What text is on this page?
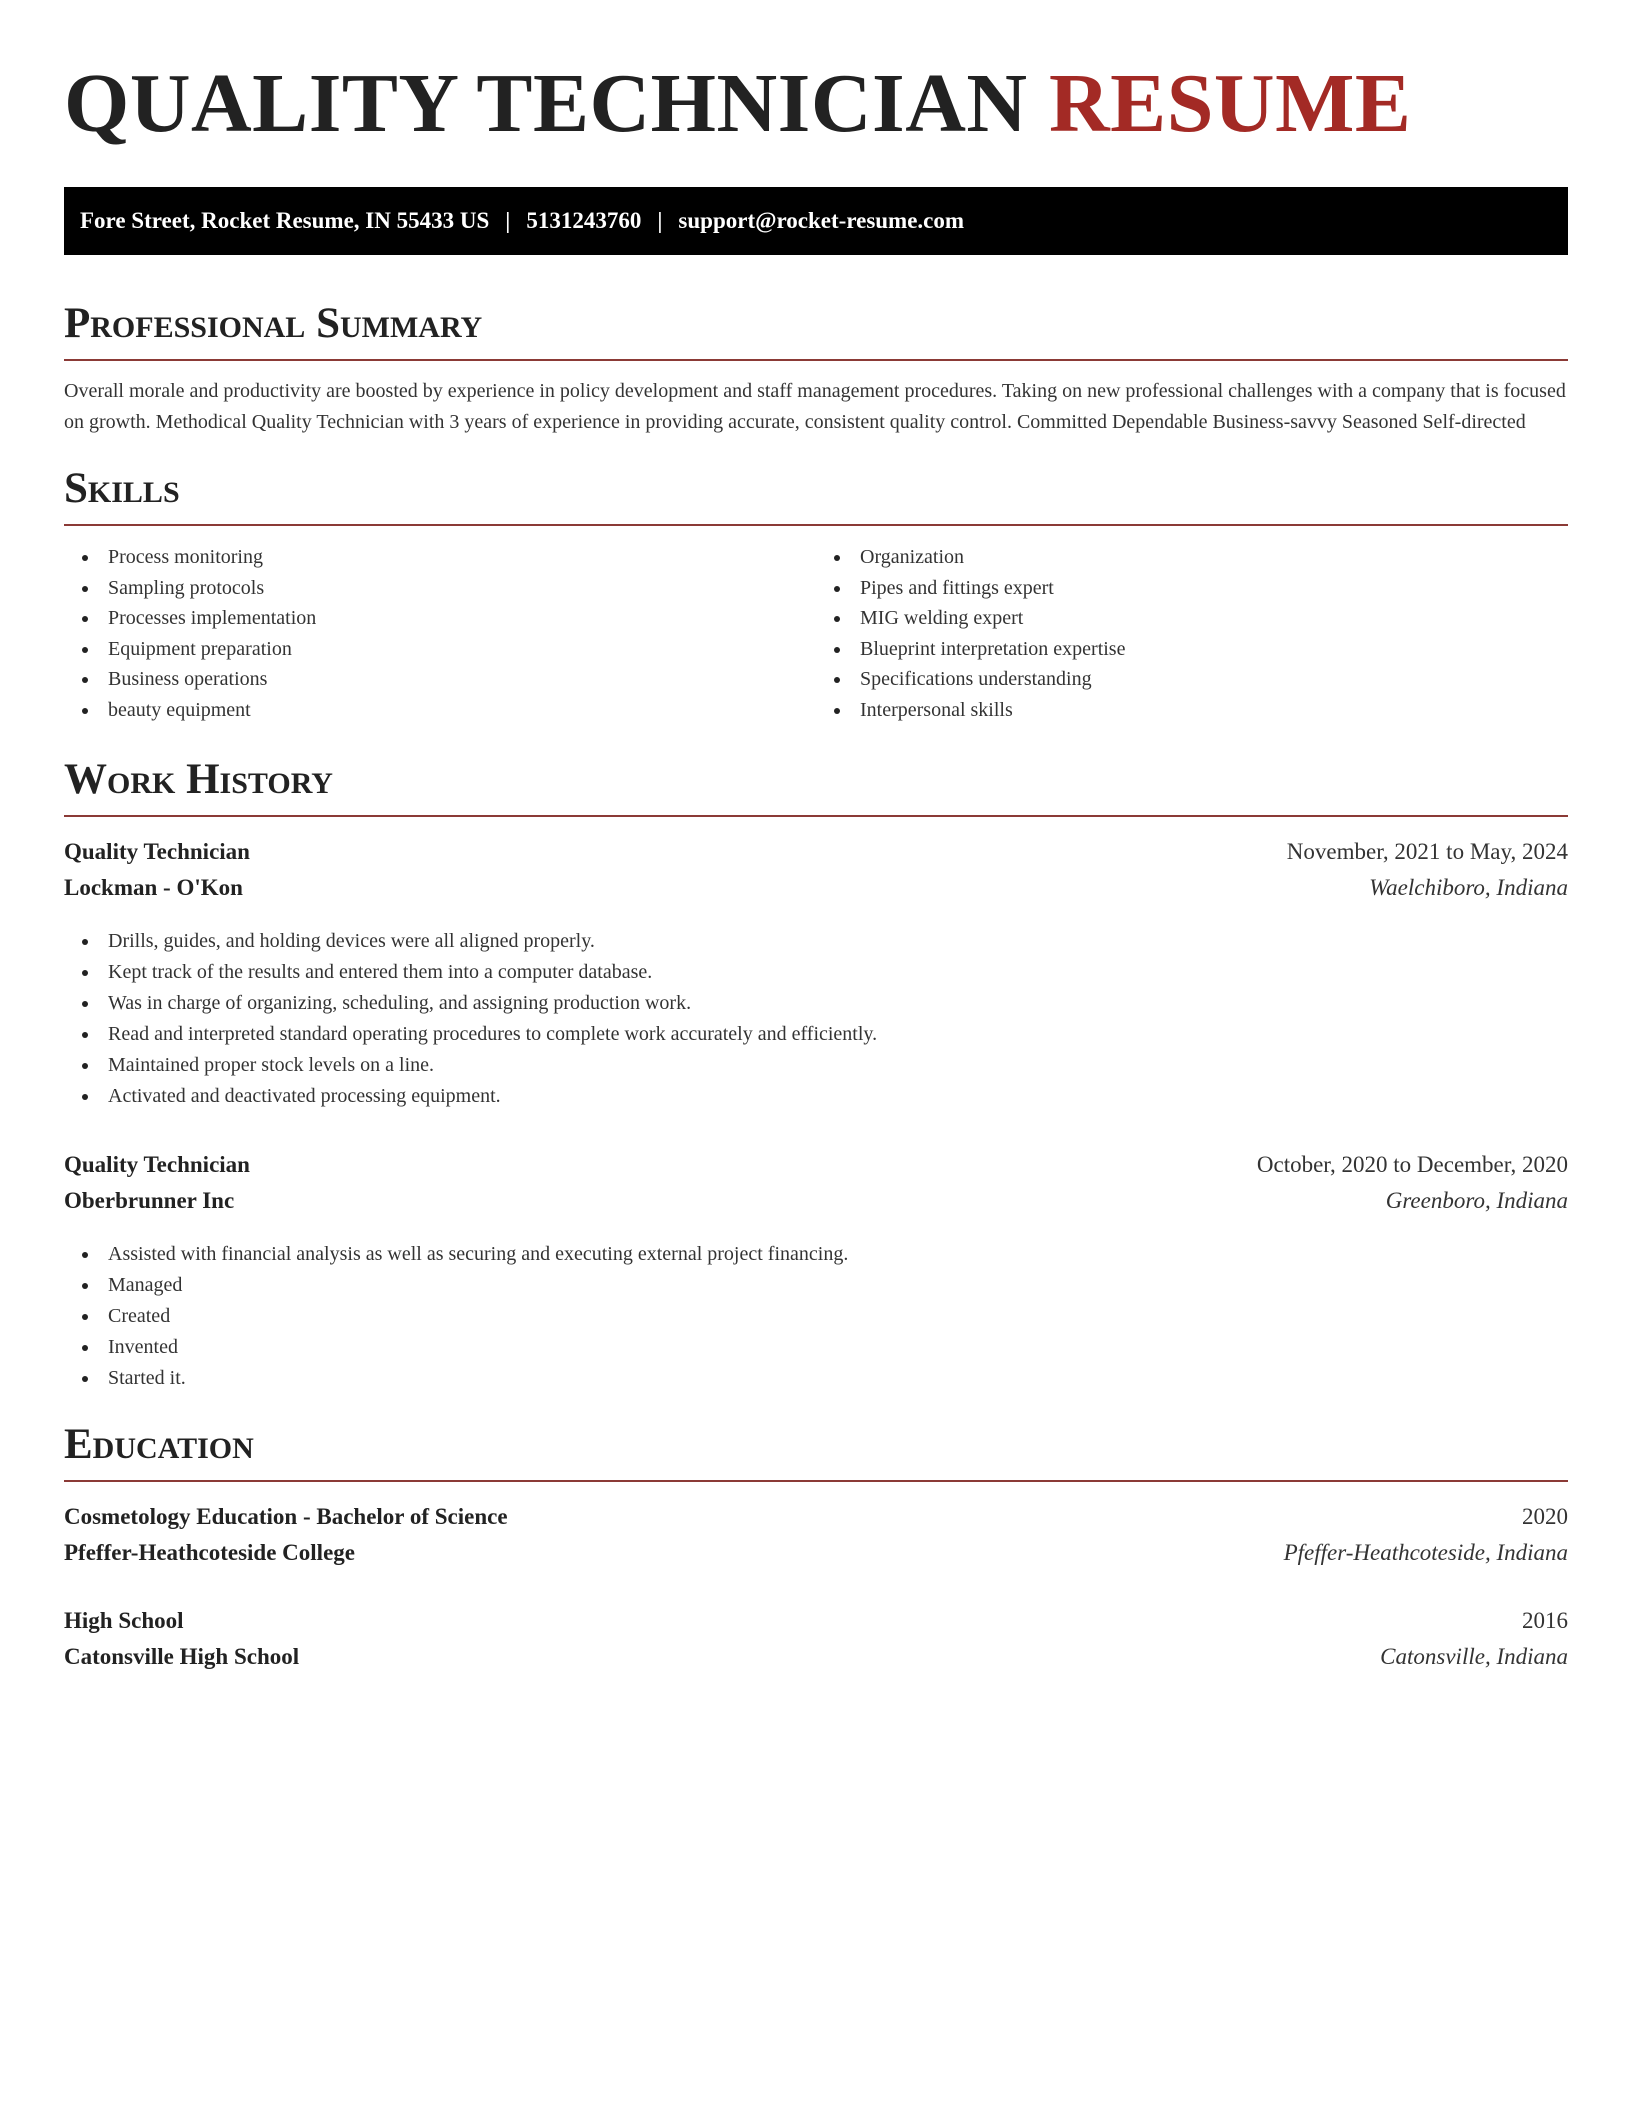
QUALITY TECHNICIAN RESUME
Fore Street, Rocket Resume, IN 55433 US | 5131243760 | support@rocket-resume.com
Professional Summary

Overall morale and productivity are boosted by experience in policy development and staff management procedures. Taking on new professional challenges with a company that is focused on growth. Methodical Quality Technician with 3 years of experience in providing accurate, consistent quality control. Committed Dependable Business-savvy Seasoned Self-directed

Skills
Process monitoring
Sampling protocols
Processes implementation
Equipment preparation
Business operations
beauty equipment
Organization
Pipes and fittings expert
MIG welding expert
Blueprint interpretation expertise
Specifications understanding
Interpersonal skills
Work History
Quality Technician	November, 2021 to May, 2024
Lockman - O'Kon	Waelchiboro, Indiana
Drills, guides, and holding devices were all aligned properly.
Kept track of the results and entered them into a computer database.
Was in charge of organizing, scheduling, and assigning production work.
Read and interpreted standard operating procedures to complete work accurately and efficiently.
Maintained proper stock levels on a line.
Activated and deactivated processing equipment.
Quality Technician	October, 2020 to December, 2020
Oberbrunner Inc	Greenboro, Indiana
Assisted with financial analysis as well as securing and executing external project financing.
Managed
Created
Invented
Started it.
Education
Cosmetology Education - Bachelor of Science	2020
Pfeffer-Heathcoteside College	Pfeffer-Heathcoteside, Indiana
High School	2016
Catonsville High School	Catonsville, Indiana
